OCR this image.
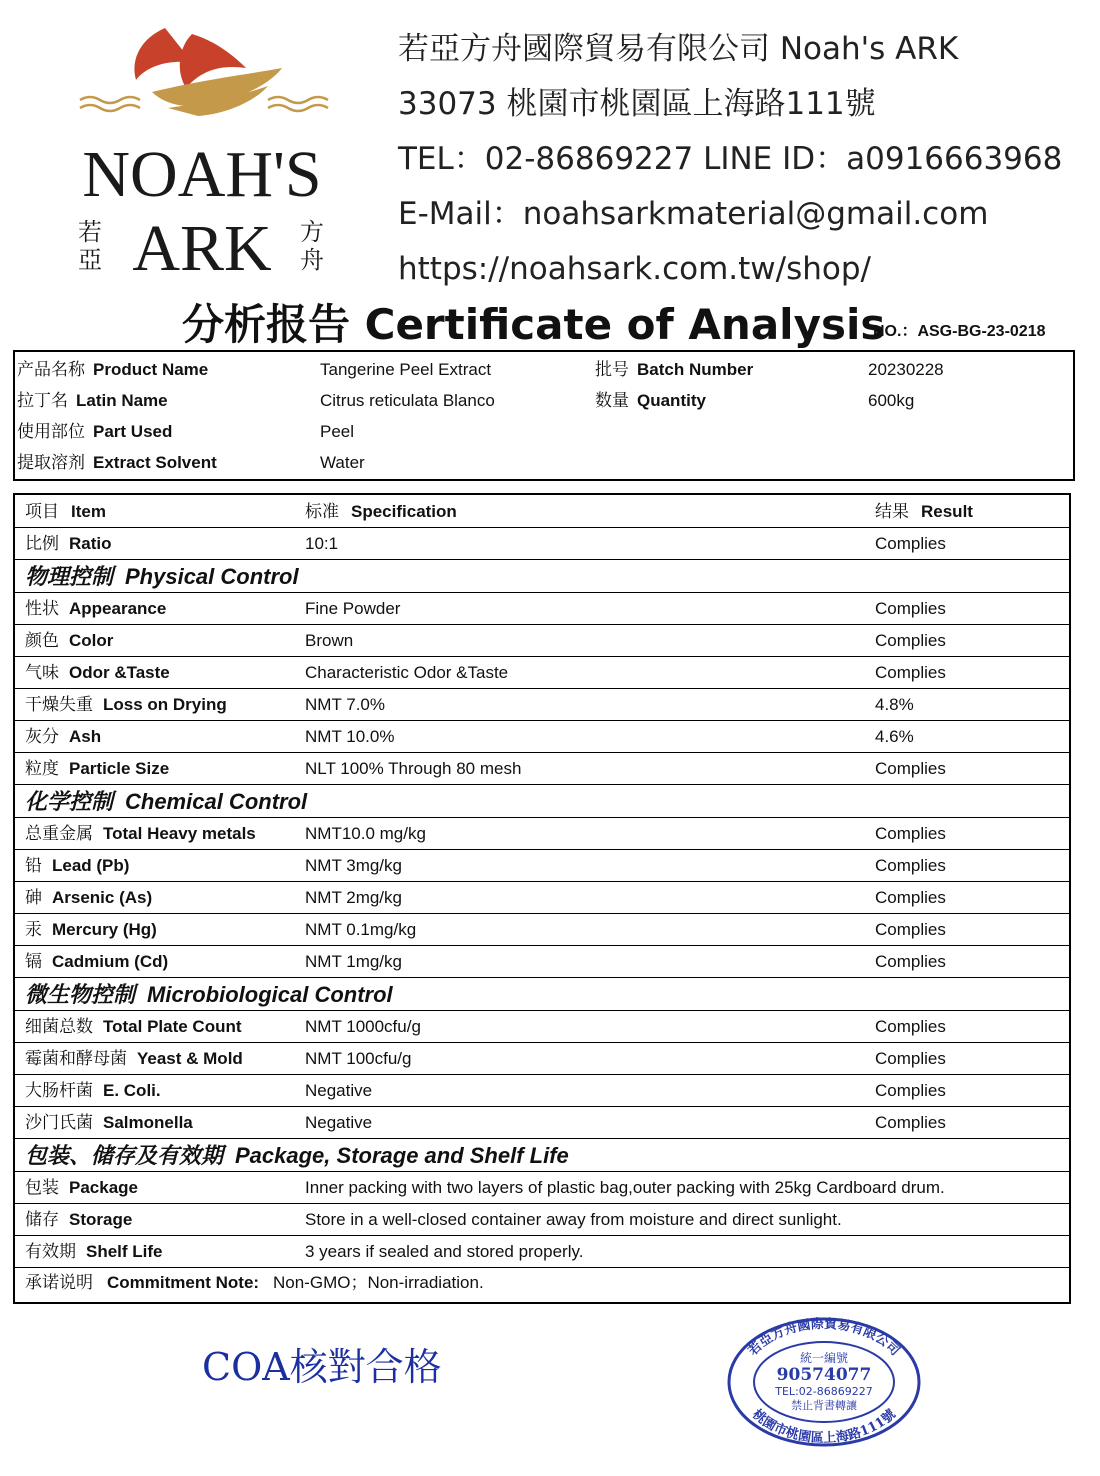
NOAH'S
ARK
若
亞
方
舟
若亞方舟國際貿易有限公司 Noah's ARK
33073 桃園市桃園區上海路111號
TEL：02-86869227 LINE ID：a0916663968
E-Mail：noahsarkmaterial@gmail.com
https://noahsark.com.tw/shop/
分析报告 Certificate of Analysis
NO.：ASG-BG-23-0218
产品名称 Product Name	Tangerine Peel Extract	批号 Batch Number	20230228
拉丁名 Latin Name	Citrus reticulata Blanco	数量 Quantity	600kg
使用部位 Part Used	Peel
提取溶剂 Extract Solvent	Water
项目 Item	标准 Specification	结果 Result
比例 Ratio	10:1	Complies
物理控制 Physical Control
性状 Appearance	Fine Powder	Complies
颜色 Color	Brown	Complies
气味 Odor &Taste	Characteristic Odor &Taste	Complies
干燥失重 Loss on Drying	NMT 7.0%	4.8%
灰分 Ash	NMT 10.0%	4.6%
粒度 Particle Size	NLT 100% Through 80 mesh	Complies
化学控制 Chemical Control
总重金属 Total Heavy metals	NMT10.0 mg/kg	Complies
铅 Lead (Pb)	NMT 3mg/kg	Complies
砷 Arsenic (As)	NMT 2mg/kg	Complies
汞 Mercury (Hg)	NMT 0.1mg/kg	Complies
镉 Cadmium (Cd)	NMT 1mg/kg	Complies
微生物控制 Microbiological Control
细菌总数 Total Plate Count	NMT 1000cfu/g	Complies
霉菌和酵母菌 Yeast & Mold	NMT 100cfu/g	Complies
大肠杆菌 E. Coli.	Negative	Complies
沙门氏菌 Salmonella	Negative	Complies
包装、储存及有效期 Package, Storage and Shelf Life
包装 Package	Inner packing with two layers of plastic bag,outer packing with 25kg Cardboard drum.
储存 Storage	Store in a well-closed container away from moisture and direct sunlight.
有效期 Shelf Life	3 years if sealed and stored properly.
承诺说明 Commitment Note: Non-GMO；Non-irradiation.
COA核對合格	若亞方舟國際貿易有限公司
桃園市桃園區上海路111號
統一編號
90574077
TEL:02-86869227
禁止背書轉讓
